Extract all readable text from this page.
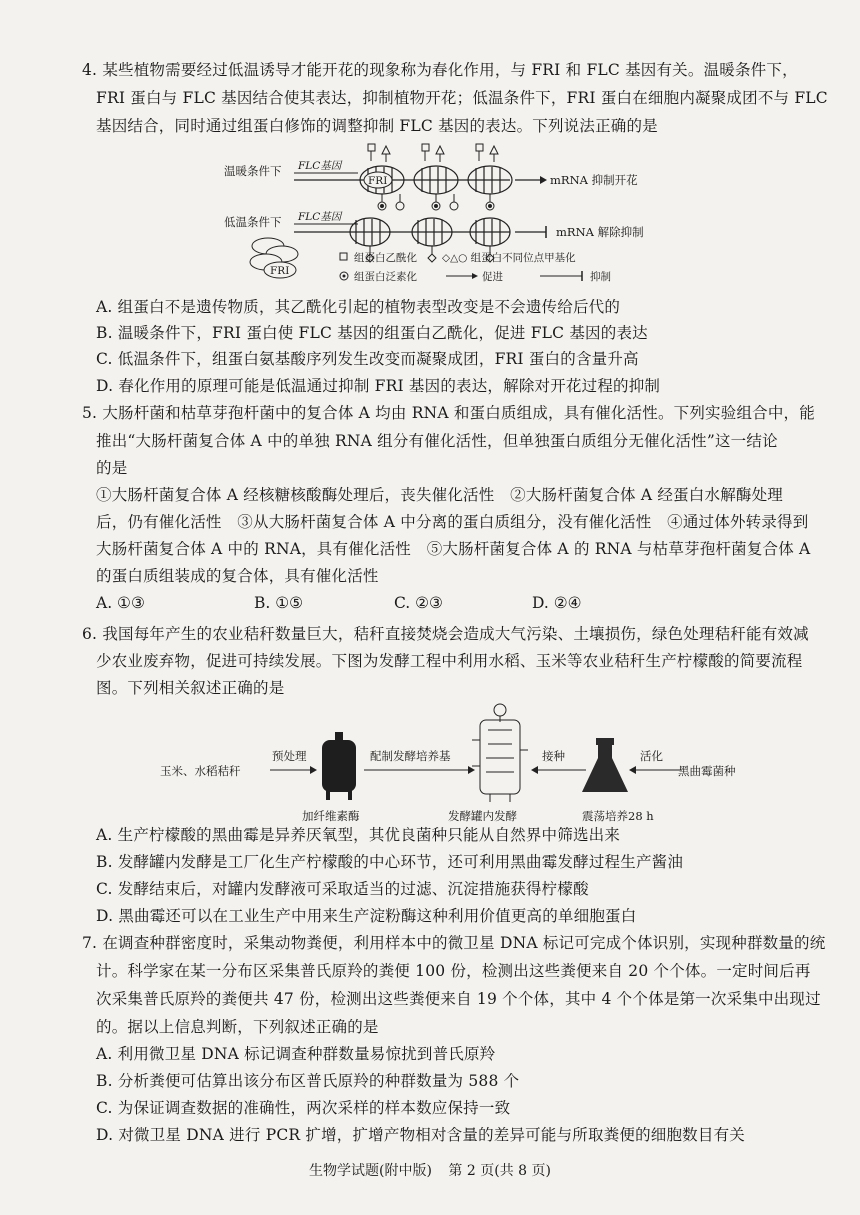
4. 某些植物需要经过低温诱导才能开花的现象称为春化作用，与 FRI 和 FLC 基因有关。温暖条件下，
FRI 蛋白与 FLC 基因结合使其表达，抑制植物开花；低温条件下，FRI 蛋白在细胞内凝聚成团不与 FLC
基因结合，同时通过组蛋白修饰的调整抑制 FLC 基因的表达。下列说法正确的是
温暖条件下 FLC基因
FRI	mRNA 抑制开花
低温条件下 FLC基因
mRNA 解除抑制
FRI
组蛋白乙酰化 ◇△○ 组蛋白不同位点甲基化
组蛋白泛素化	促进	抑制
A. 组蛋白不是遗传物质，其乙酰化引起的植物表型改变是不会遗传给后代的
B. 温暖条件下，FRI 蛋白使 FLC 基因的组蛋白乙酰化，促进 FLC 基因的表达
C. 低温条件下，组蛋白氨基酸序列发生改变而凝聚成团，FRI 蛋白的含量升高
D. 春化作用的原理可能是低温通过抑制 FRI 基因的表达，解除对开花过程的抑制
5. 大肠杆菌和枯草芽孢杆菌中的复合体 A 均由 RNA 和蛋白质组成，具有催化活性。下列实验组合中，能
推出“大肠杆菌复合体 A 中的单独 RNA 组分有催化活性，但单独蛋白质组分无催化活性”这一结论
的是
①大肠杆菌复合体 A 经核糖核酸酶处理后，丧失催化活性　②大肠杆菌复合体 A 经蛋白水解酶处理
后，仍有催化活性　③从大肠杆菌复合体 A 中分离的蛋白质组分，没有催化活性　④通过体外转录得到
大肠杆菌复合体 A 中的 RNA，具有催化活性　⑤大肠杆菌复合体 A 的 RNA 与枯草芽孢杆菌复合体 A
的蛋白质组装成的复合体，具有催化活性
A. ①③	B. ①⑤	C. ②③	D. ②④
6. 我国每年产生的农业秸秆数量巨大，秸秆直接焚烧会造成大气污染、土壤损伤，绿色处理秸秆能有效减
少农业废弃物，促进可持续发展。下图为发酵工程中利用水稻、玉米等农业秸秆生产柠檬酸的简要流程
图。下列相关叙述正确的是
玉米、水稻秸秆
预处理
加纤维素酶
配制发酵培养基
发酵罐内发酵
接种
震荡培养28 h
活化
黑曲霉菌种
A. 生产柠檬酸的黑曲霉是异养厌氧型，其优良菌种只能从自然界中筛选出来
B. 发酵罐内发酵是工厂化生产柠檬酸的中心环节，还可利用黑曲霉发酵过程生产酱油
C. 发酵结束后，对罐内发酵液可采取适当的过滤、沉淀措施获得柠檬酸
D. 黑曲霉还可以在工业生产中用来生产淀粉酶这种利用价值更高的单细胞蛋白
7. 在调查种群密度时，采集动物粪便，利用样本中的微卫星 DNA 标记可完成个体识别，实现种群数量的统
计。科学家在某一分布区采集普氏原羚的粪便 100 份，检测出这些粪便来自 20 个个体。一定时间后再
次采集普氏原羚的粪便共 47 份，检测出这些粪便来自 19 个个体，其中 4 个个体是第一次采集中出现过
的。据以上信息判断，下列叙述正确的是
A. 利用微卫星 DNA 标记调查种群数量易惊扰到普氏原羚
B. 分析粪便可估算出该分布区普氏原羚的种群数量为 588 个
C. 为保证调查数据的准确性，两次采样的样本数应保持一致
D. 对微卫星 DNA 进行 PCR 扩增，扩增产物相对含量的差异可能与所取粪便的细胞数目有关
生物学试题(附中版) 第 2 页(共 8 页)
